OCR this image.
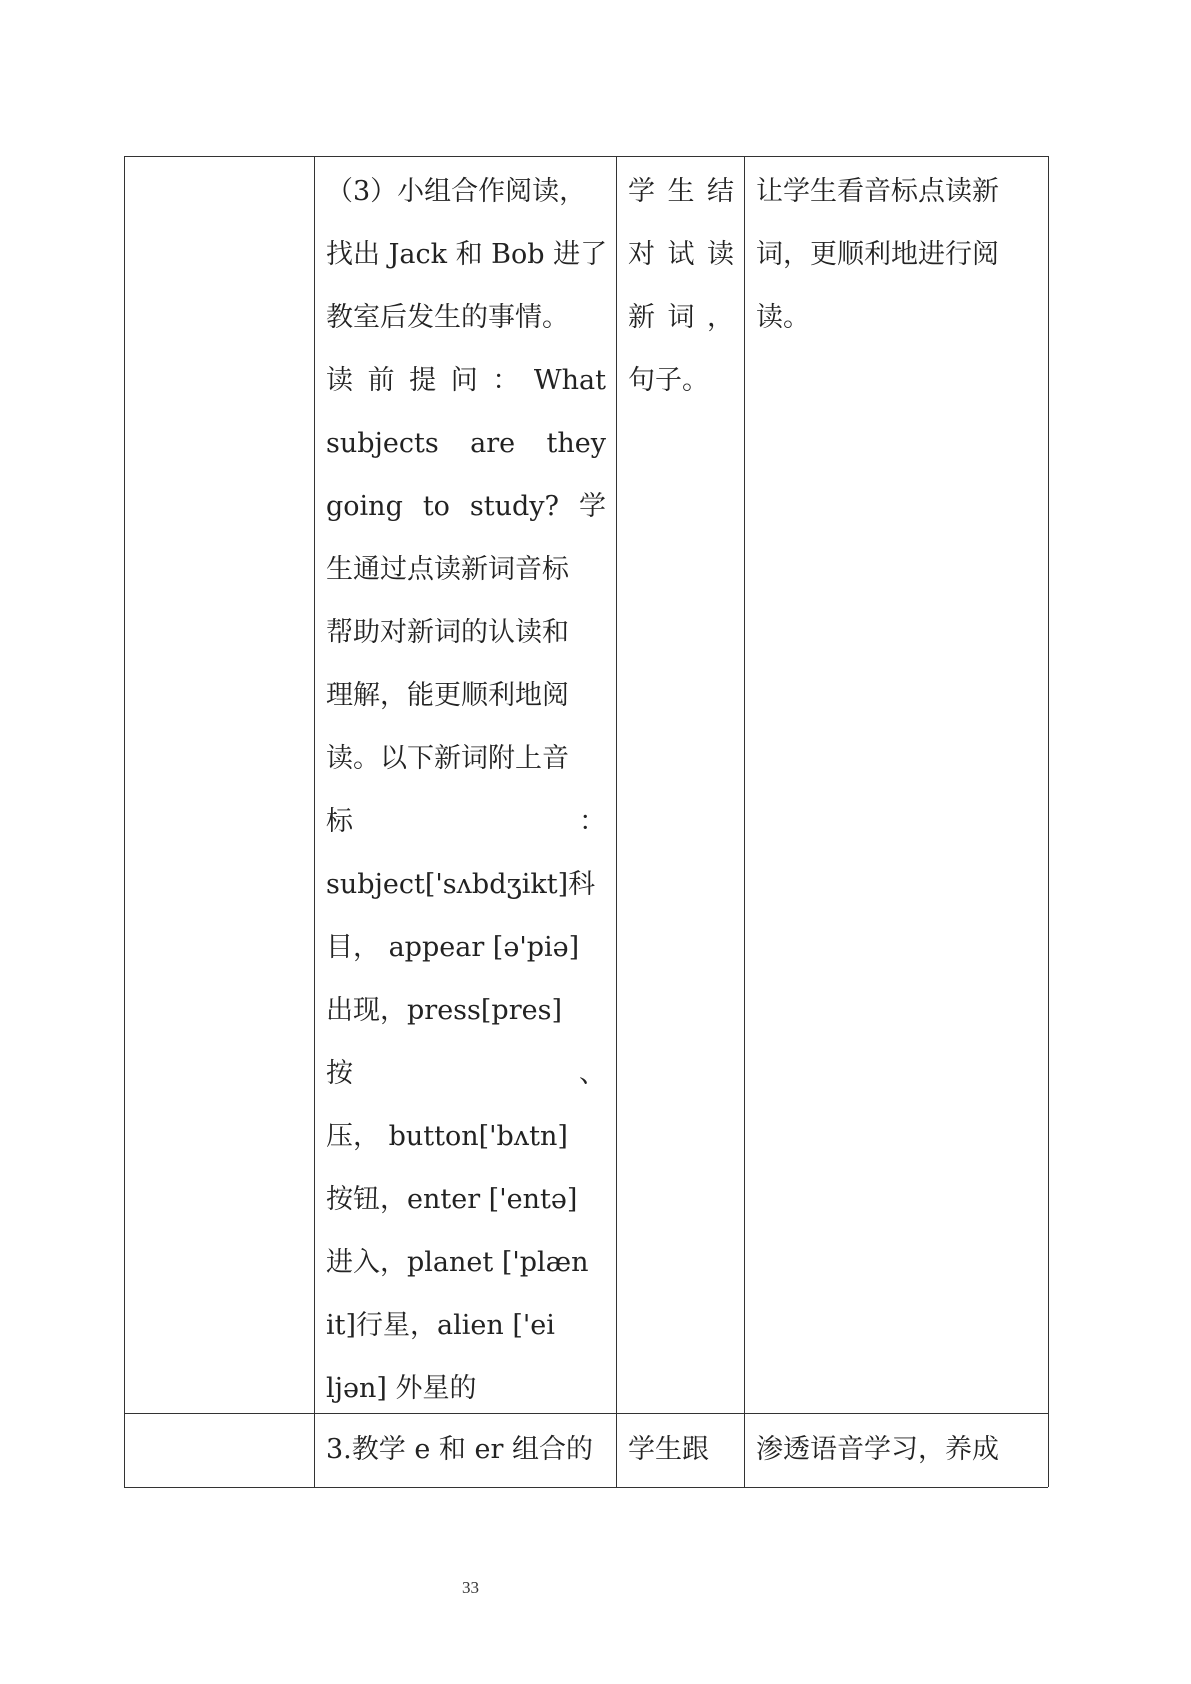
（3）小组合作阅读，
找出 Jack 和 Bob 进了
教室后发生的事情。
读 前 提 问 ： What
subjects are they
going to study? 学
生通过点读新词音标
帮助对新词的认读和
理解，能更顺利地阅
读。以下新词附上音
标 ：
subject['sʌbdʒikt]科
目， appear [ə'piə]
出现，press[pres]
按 、
压， button['bʌtn]
按钮，enter ['entə]
进入，planet ['plæn
it]行星，alien ['ei
ljən] 外星的
学 生 结
对 试 读
新 词 ，
句子。
让学生看音标点读新
词，更顺利地进行阅
读。
3.教学 e 和 er 组合的	学生跟	渗透语音学习，养成
33
